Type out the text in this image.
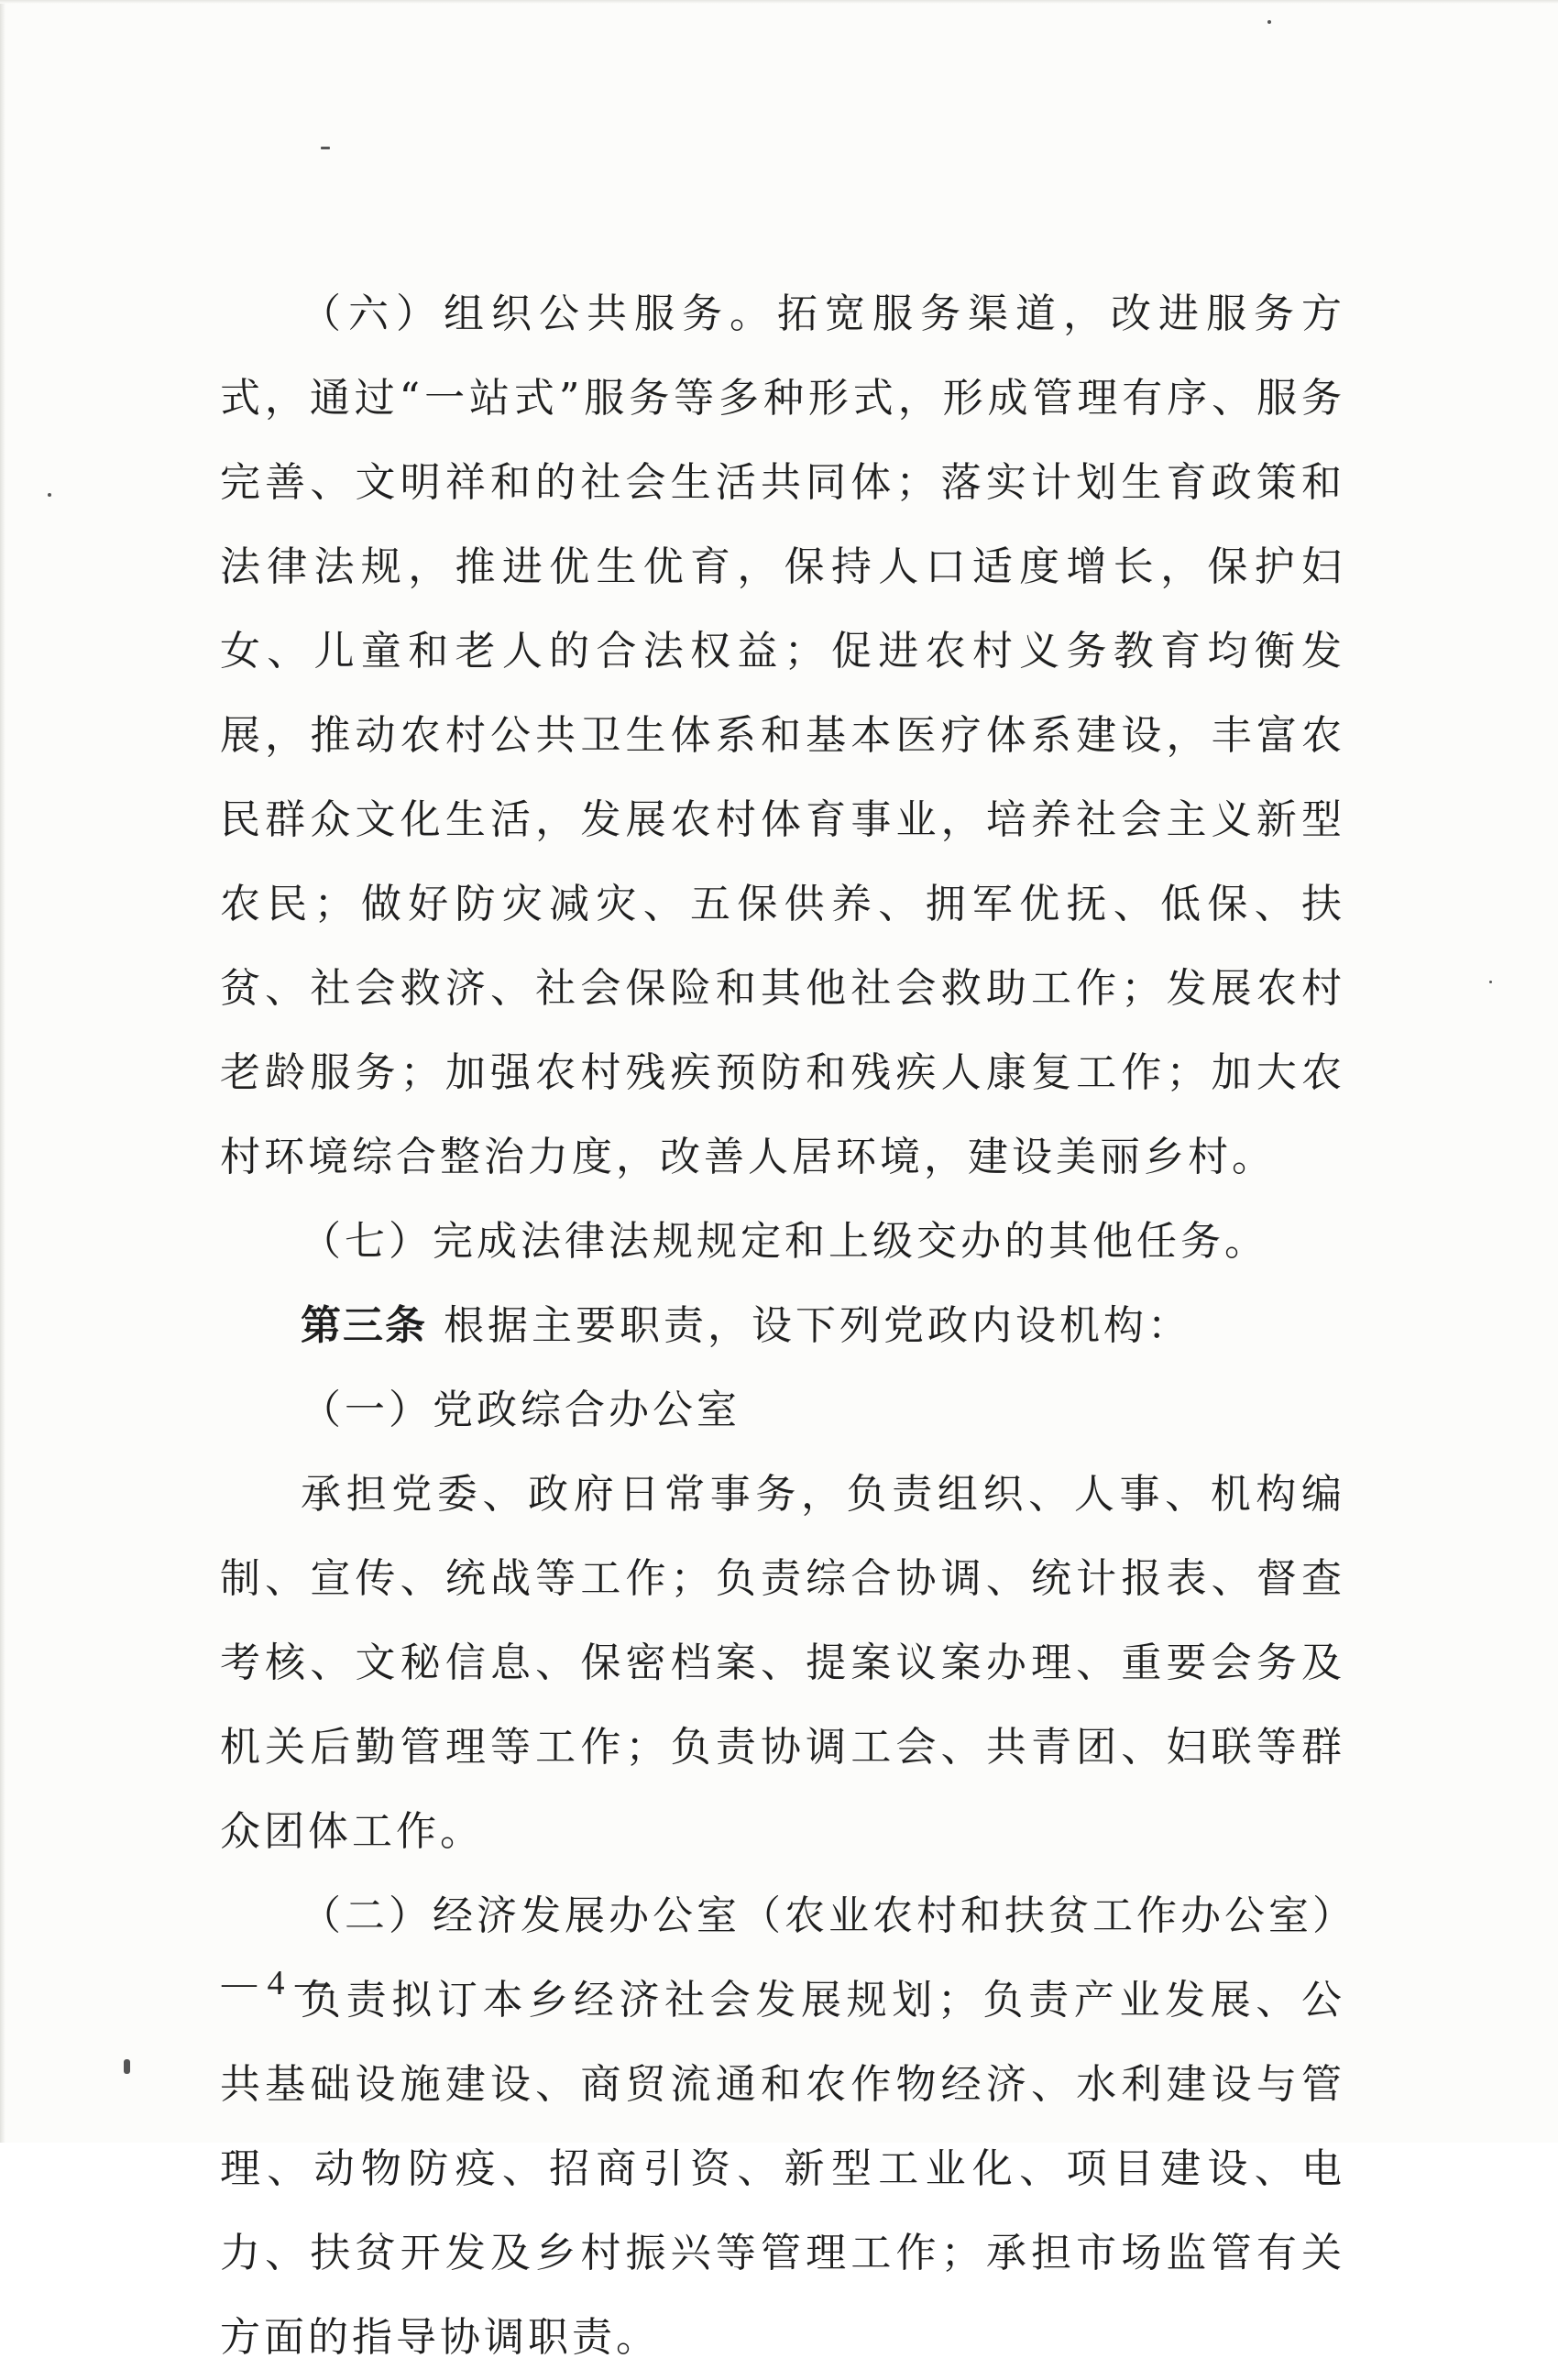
（六）组织公共服务。拓宽服务渠道，改进服务方式，通过“一站式”服务等多种形式，形成管理有序、服务完善、文明祥和的社会生活共同体；落实计划生育政策和法律法规，推进优生优育，保持人口适度增长，保护妇女、儿童和老人的合法权益；促进农村义务教育均衡发展，推动农村公共卫生体系和基本医疗体系建设，丰富农民群众文化生活，发展农村体育事业，培养社会主义新型农民；做好防灾减灾、五保供养、拥军优抚、低保、扶贫、社会救济、社会保险和其他社会救助工作；发展农村老龄服务；加强农村残疾预防和残疾人康复工作；加大农村环境综合整治力度，改善人居环境，建设美丽乡村。

（七）完成法律法规规定和上级交办的其他任务。

第三条 根据主要职责，设下列党政内设机构：

（一）党政综合办公室

承担党委、政府日常事务，负责组织、人事、机构编制、宣传、统战等工作；负责综合协调、统计报表、督查考核、文秘信息、保密档案、提案议案办理、重要会务及机关后勤管理等工作；负责协调工会、共青团、妇联等群众团体工作。

（二）经济发展办公室（农业农村和扶贫工作办公室）

负责拟订本乡经济社会发展规划；负责产业发展、公共基础设施建设、商贸流通和农作物经济、水利建设与管理、动物防疫、招商引资、新型工业化、项目建设、电力、扶贫开发及乡村振兴等管理工作；承担市场监管有关方面的指导协调职责。

— 4 —
